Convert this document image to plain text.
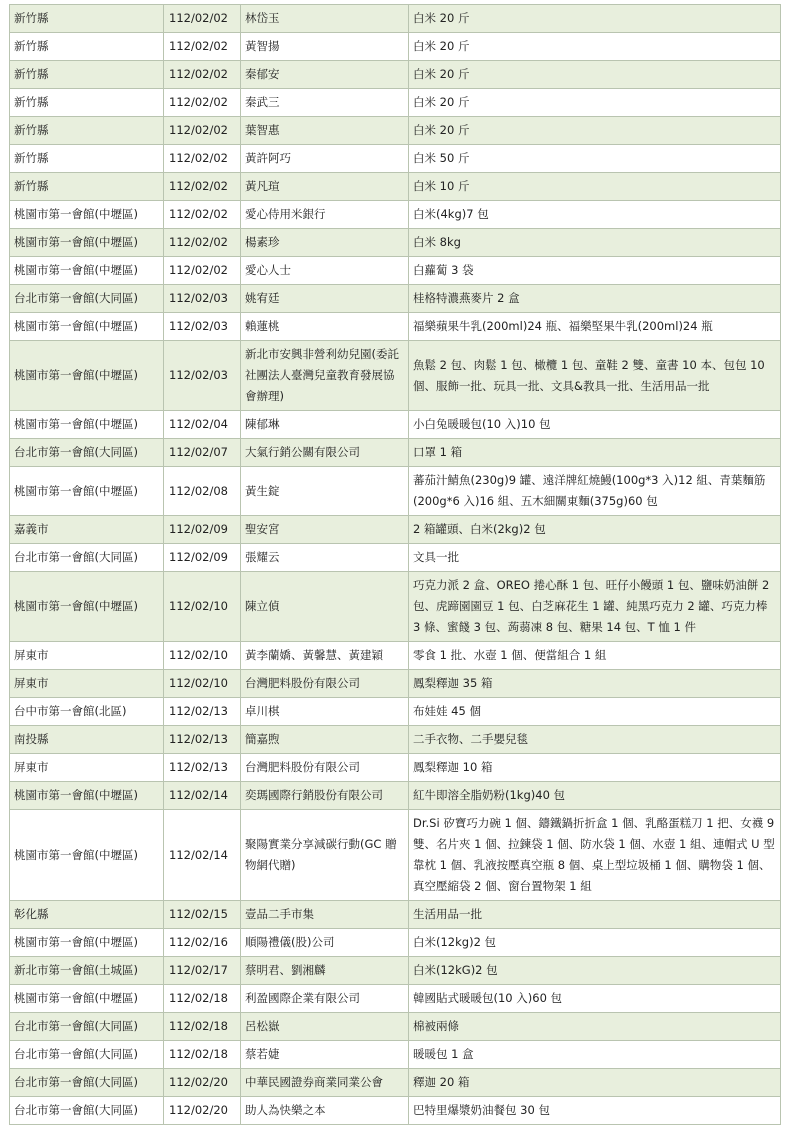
新竹縣	112/02/02	林岱玉	白米 20 斤
新竹縣	112/02/02	黃智揚	白米 20 斤
新竹縣	112/02/02	秦郁安	白米 20 斤
新竹縣	112/02/02	秦武三	白米 20 斤
新竹縣	112/02/02	葉智惠	白米 20 斤
新竹縣	112/02/02	黃許阿巧	白米 50 斤
新竹縣	112/02/02	黃凡瑄	白米 10 斤
桃園市第一會館(中壢區)	112/02/02	愛心侍用米銀行	白米(4kg)7 包
桃園市第一會館(中壢區)	112/02/02	楊素珍	白米 8kg
桃園市第一會館(中壢區)	112/02/02	愛心人士	白蘿蔔 3 袋
台北市第一會館(大同區)	112/02/03	姚宥廷	桂格特濃燕麥片 2 盒
桃園市第一會館(中壢區)	112/02/03	賴蓮桃	福樂蘋果牛乳(200ml)24 瓶、福樂堅果牛乳(200ml)24 瓶
桃園市第一會館(中壢區)	112/02/03	新北市安興非營利幼兒園(委託社團法人臺灣兒童教育發展協會辦理)	魚鬆 2 包、肉鬆 1 包、橄欖 1 包、童鞋 2 雙、童書 10 本、包包 10 個、服飾一批、玩具一批、文具&教具一批、生活用品一批
桃園市第一會館(中壢區)	112/02/04	陳郁琳	小白兔暖暖包(10 入)10 包
台北市第一會館(大同區)	112/02/07	大氣行銷公關有限公司	口罩 1 箱
桃園市第一會館(中壢區)	112/02/08	黃生錠	蕃茄汁鯖魚(230g)9 罐、遠洋牌紅燒鰻(100g*3 入)12 組、青葉麵筋(200g*6 入)16 組、五木細關東麵(375g)60 包
嘉義市	112/02/09	聖安宮	2 箱罐頭、白米(2kg)2 包
台北市第一會館(大同區)	112/02/09	張耀云	文具一批
桃園市第一會館(中壢區)	112/02/10	陳立偵	巧克力派 2 盒、OREO 捲心酥 1 包、旺仔小饅頭 1 包、鹽味奶油餅 2 包、虎蹄園園豆 1 包、白芝麻花生 1 罐、純黑巧克力 2 罐、巧克力棒 3 條、蜜餞 3 包、蒟蒻凍 8 包、糖果 14 包、T 恤 1 件
屏東市	112/02/10	黃李蘭嬌、黃馨慧、黃建穎	零食 1 批、水壺 1 個、便當組合 1 組
屏東市	112/02/10	台灣肥料股份有限公司	鳳梨釋迦 35 箱
台中市第一會館(北區)	112/02/13	卓川棋	布娃娃 45 個
南投縣	112/02/13	簡嘉煦	二手衣物、二手嬰兒毯
屏東市	112/02/13	台灣肥料股份有限公司	鳳梨釋迦 10 箱
桃園市第一會館(中壢區)	112/02/14	奕瑪國際行銷股份有限公司	紅牛即溶全脂奶粉(1kg)40 包
桃園市第一會館(中壢區)	112/02/14	聚陽實業分享減碳行動(GC 贈物網代贈)	Dr.Si 矽寶巧力碗 1 個、鑄鐵鍋折折盒 1 個、乳酪蛋糕刀 1 把、女襪 9 雙、名片夾 1 個、拉鍊袋 1 個、防水袋 1 個、水壺 1 組、連帽式 U 型靠枕 1 個、乳液按壓真空瓶 8 個、桌上型垃圾桶 1 個、購物袋 1 個、真空壓縮袋 2 個、窗台置物架 1 組
彰化縣	112/02/15	壹品二手市集	生活用品一批
桃園市第一會館(中壢區)	112/02/16	順陽禮儀(股)公司	白米(12kg)2 包
新北市第一會館(土城區)	112/02/17	蔡明君、劉湘麟	白米(12kG)2 包
桃園市第一會館(中壢區)	112/02/18	利盈國際企業有限公司	韓國貼式暖暖包(10 入)60 包
台北市第一會館(大同區)	112/02/18	呂松嶽	棉被兩條
台北市第一會館(大同區)	112/02/18	蔡若婕	暖暖包 1 盒
台北市第一會館(大同區)	112/02/20	中華民國證券商業同業公會	釋迦 20 箱
台北市第一會館(大同區)	112/02/20	助人為快樂之本	巴特里爆漿奶油餐包 30 包
